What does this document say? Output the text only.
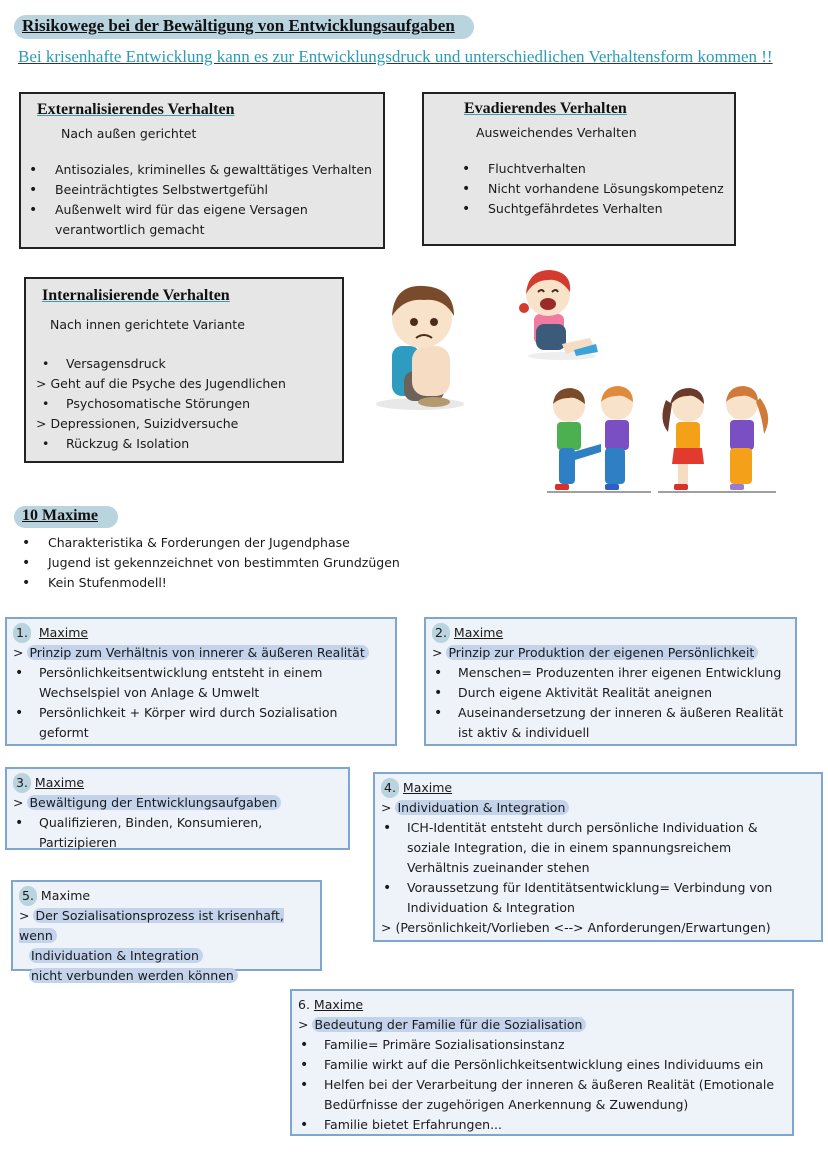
Risikowege bei der Bewältigung von Entwicklungsaufgaben
Bei krisenhafte Entwicklung kann es zur Entwicklungsdruck und unterschiedlichen Verhaltensform kommen !!
Externalisierendes Verhalten
Nach außen gerichtet
• Antisoziales, kriminelles & gewalttätiges Verhalten
• Beeinträchtigtes Selbstwertgefühl
• Außenwelt wird für das eigene Versagen verantwortlich gemacht
Evadierendes Verhalten
Ausweichendes Verhalten
• Fluchtverhalten
• Nicht vorhandene Lösungskompetenz
• Suchtgefährdetes Verhalten
Internalisierende Verhalten
Nach innen gerichtete Variante
• Versagensdruck
> Geht auf die Psyche des Jugendlichen
• Psychosomatische Störungen
> Depressionen, Suizidversuche
• Rückzug & Isolation
10 Maxime
• Charakteristika & Forderungen der Jugendphase
• Jugend ist gekennzeichnet von bestimmten Grundzügen
• Kein Stufenmodell!
1. Maxime
> Prinzip zum Verhältnis von innerer & äußeren Realität
• Persönlichkeitsentwicklung entsteht in einem Wechselspiel von Anlage & Umwelt
• Persönlichkeit + Körper wird durch Sozialisation geformt
2. Maxime
> Prinzip zur Produktion der eigenen Persönlichkeit
• Menschen= Produzenten ihrer eigenen Entwicklung
• Durch eigene Aktivität Realität aneignen
• Auseinandersetzung der inneren & äußeren Realität ist aktiv & individuell
3. Maxime
> Bewältigung der Entwicklungsaufgaben
• Qualifizieren, Binden, Konsumieren, Partizipieren
4. Maxime
> Individuation & Integration
• ICH-Identität entsteht durch persönliche Individuation & soziale Integration, die in einem spannungsreichem Verhältnis zueinander stehen
• Voraussetzung für Identitätsentwicklung= Verbindung von Individuation & Integration
> (Persönlichkeit/Vorlieben <--> Anforderungen/Erwartungen)
5. Maxime
> Der Sozialisationsprozess ist krisenhaft, wenn
Individuation & Integration
nicht verbunden werden können
6. Maxime
> Bedeutung der Familie für die Sozialisation
• Familie= Primäre Sozialisationsinstanz
• Familie wirkt auf die Persönlichkeitsentwicklung eines Individuums ein
• Helfen bei der Verarbeitung der inneren & äußeren Realität (Emotionale Bedürfnisse der zugehörigen Anerkennung & Zuwendung)
• Familie bietet Erfahrungen...
